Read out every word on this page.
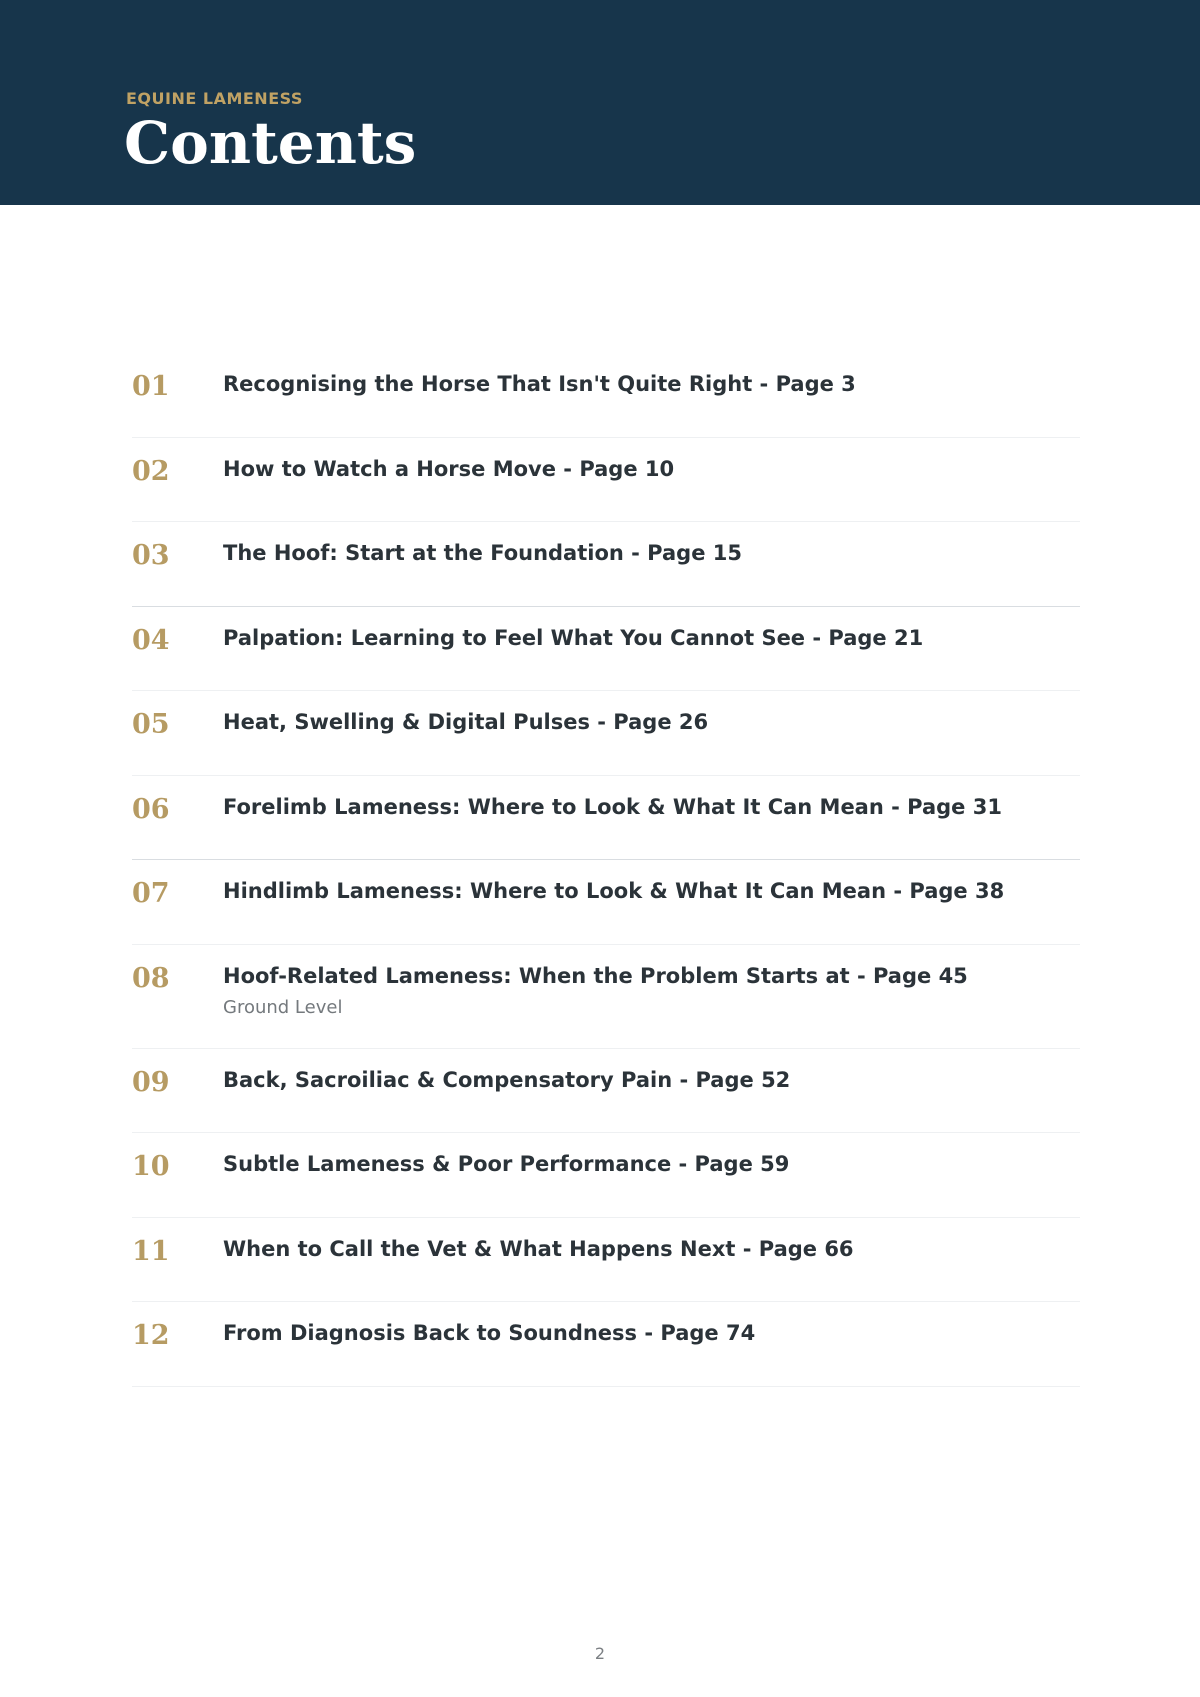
EQUINE LAMENESS
Contents
01	Recognising the Horse That Isn't Quite Right - Page 3
02	How to Watch a Horse Move - Page 10
03	The Hoof: Start at the Foundation - Page 15
04	Palpation: Learning to Feel What You Cannot See - Page 21
05	Heat, Swelling & Digital Pulses - Page 26
06	Forelimb Lameness: Where to Look & What It Can Mean - Page 31
07	Hindlimb Lameness: Where to Look & What It Can Mean - Page 38
08	Hoof-Related Lameness: When the Problem Starts at - Page 45
Ground Level
09	Back, Sacroiliac & Compensatory Pain - Page 52
10	Subtle Lameness & Poor Performance - Page 59
11	When to Call the Vet & What Happens Next - Page 66
12	From Diagnosis Back to Soundness - Page 74
2
